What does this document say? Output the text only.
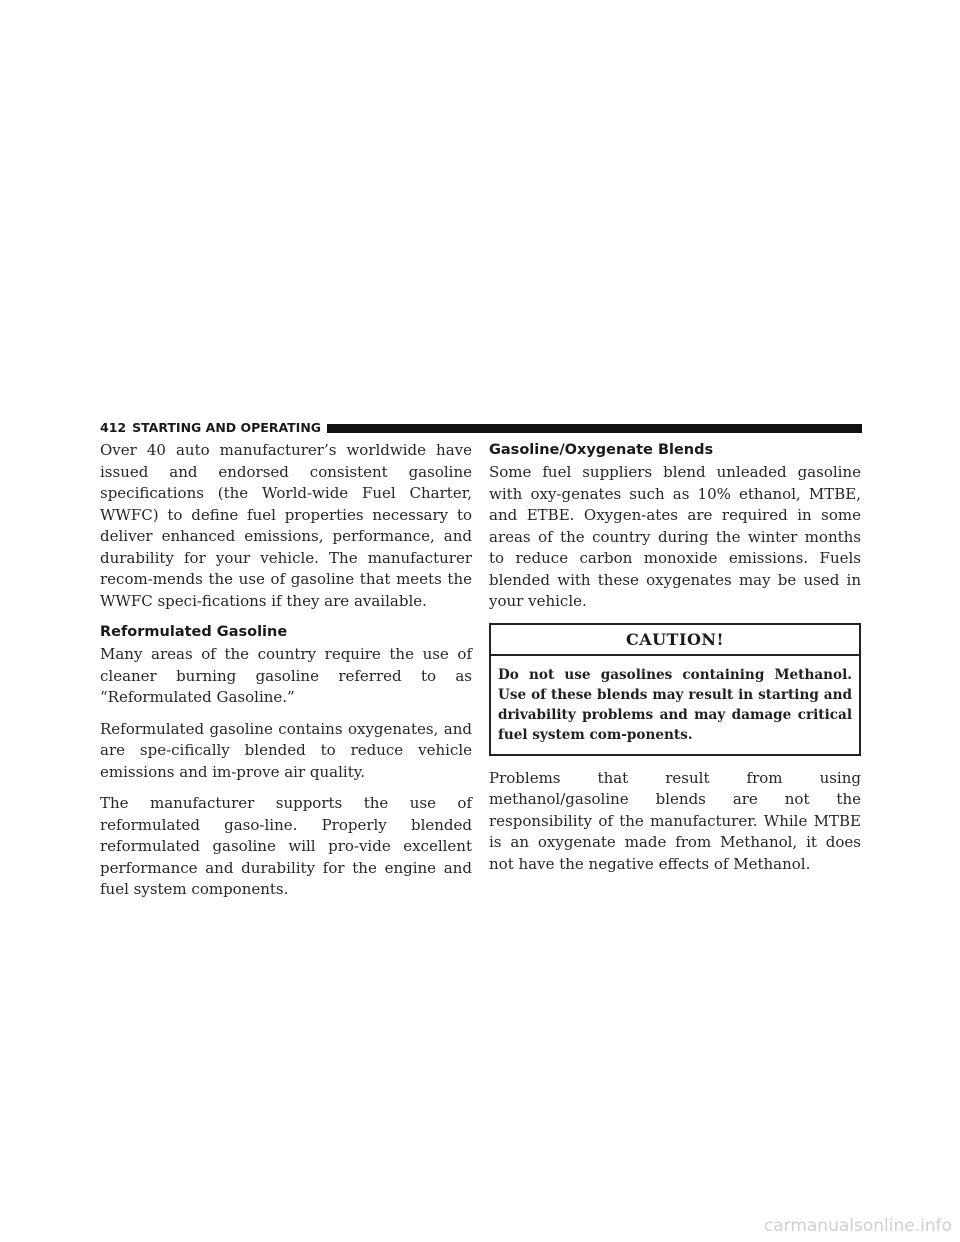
412 STARTING AND OPERATING

Over 40 auto manufacturer’s worldwide have issued and endorsed consistent gasoline specifications (the World-wide Fuel Charter, WWFC) to define fuel properties necessary to deliver enhanced emissions, performance, and durability for your vehicle. The manufacturer recom-mends the use of gasoline that meets the WWFC speci-fications if they are available.

Reformulated Gasoline

Many areas of the country require the use of cleaner burning gasoline referred to as “Reformulated Gasoline.”

Reformulated gasoline contains oxygenates, and are spe-cifically blended to reduce vehicle emissions and im-prove air quality.

The manufacturer supports the use of reformulated gaso-line. Properly blended reformulated gasoline will pro-vide excellent performance and durability for the engine and fuel system components.

Gasoline/Oxygenate Blends

Some fuel suppliers blend unleaded gasoline with oxy-genates such as 10% ethanol, MTBE, and ETBE. Oxygen-ates are required in some areas of the country during the winter months to reduce carbon monoxide emissions. Fuels blended with these oxygenates may be used in your vehicle.

CAUTION!
Do not use gasolines containing Methanol. Use of these blends may result in starting and drivability problems and may damage critical fuel system com-ponents.

Problems that result from using methanol/gasoline blends are not the responsibility of the manufacturer. While MTBE is an oxygenate made from Methanol, it does not have the negative effects of Methanol.

carmanualsonline.info
